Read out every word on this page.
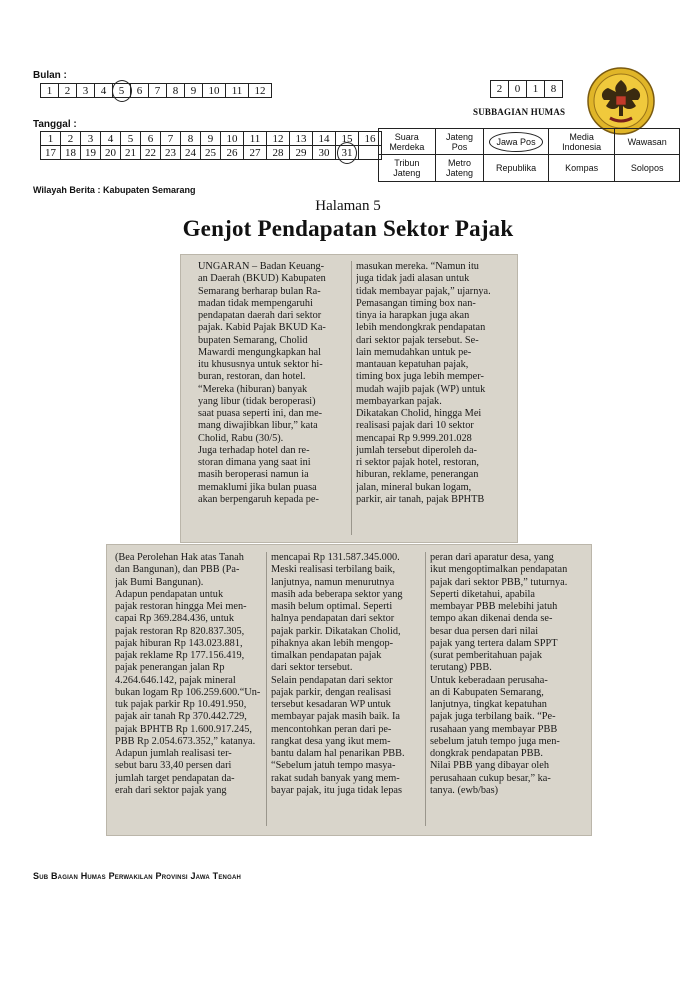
Bulan :
1	2	3	4	5	6	7	8	9	10	11	12	2	0	1	8
SUBBAGIAN HUMAS
Tanggal :
1	2	3	4	5	6	7	8	9	10	11	12	13	14	15	16
17	18	19	20	21	22	23	24	25	26	27	28	29	30	31	
Suara Merdeka	Jateng Pos	Jawa Pos	Media Indonesia	Wawasan
Tribun Jateng	Metro Jateng	Republika	Kompas	Solopos
Wilayah Berita : Kabupaten Semarang
Halaman 5
Genjot Pendapatan Sektor Pajak
UNGARAN – Badan Keuang-
an Daerah (BKUD) Kabupaten
Semarang berharap bulan Ra-
madan tidak mempengaruhi
pendapatan daerah dari sektor
pajak. Kabid Pajak BKUD Ka-
bupaten Semarang, Cholid
Mawardi mengungkapkan hal
itu khususnya untuk sektor hi-
buran, restoran, dan hotel.
“Mereka (hiburan) banyak
yang libur (tidak beroperasi)
saat puasa seperti ini, dan me-
mang diwajibkan libur,” kata
Cholid, Rabu (30/5).
Juga terhadap hotel dan re-
storan dimana yang saat ini
masih beroperasi namun ia
memaklumi jika bulan puasa
akan berpengaruh kepada pe-
masukan mereka. “Namun itu
juga tidak jadi alasan untuk
tidak membayar pajak,” ujarnya.
Pemasangan timing box nan-
tinya ia harapkan juga akan
lebih mendongkrak pendapatan
dari sektor pajak tersebut. Se-
lain memudahkan untuk pe-
mantauan kepatuhan pajak,
timing box juga lebih memper-
mudah wajib pajak (WP) untuk
membayarkan pajak.
Dikatakan Cholid, hingga Mei
realisasi pajak dari 10 sektor
mencapai Rp 9.999.201.028
jumlah tersebut diperoleh da-
ri sektor pajak hotel, restoran,
hiburan, reklame, penerangan
jalan, mineral bukan logam,
parkir, air tanah, pajak BPHTB
(Bea Perolehan Hak atas Tanah
dan Bangunan), dan PBB (Pa-
jak Bumi Bangunan).
Adapun pendapatan untuk
pajak restoran hingga Mei men-
capai Rp 369.284.436, untuk
pajak restoran Rp 820.837.305,
pajak hiburan Rp 143.023.881,
pajak reklame Rp 177.156.419,
pajak penerangan jalan Rp
4.264.646.142, pajak mineral
bukan logam Rp 106.259.600.“Un-
tuk pajak parkir Rp 10.491.950,
pajak air tanah Rp 370.442.729,
pajak BPHTB Rp 1.600.917.245,
PBB Rp 2.054.673.352,” katanya.
Adapun jumlah realisasi ter-
sebut baru 33,40 persen dari
jumlah target pendapatan da-
erah dari sektor pajak yang
mencapai Rp 131.587.345.000.
Meski realisasi terbilang baik,
lanjutnya, namun menurutnya
masih ada beberapa sektor yang
masih belum optimal. Seperti
halnya pendapatan dari sektor
pajak parkir. Dikatakan Cholid,
pihaknya akan lebih mengop-
timalkan pendapatan pajak
dari sektor tersebut.
Selain pendapatan dari sektor
pajak parkir, dengan realisasi
tersebut kesadaran WP untuk
membayar pajak masih baik. Ia
mencontohkan peran dari pe-
rangkat desa yang ikut mem-
bantu dalam hal penarikan PBB.
“Sebelum jatuh tempo masya-
rakat sudah banyak yang mem-
bayar pajak, itu juga tidak lepas
peran dari aparatur desa, yang
ikut mengoptimalkan pendapatan
pajak dari sektor PBB,” tuturnya.
Seperti diketahui, apabila
membayar PBB melebihi jatuh
tempo akan dikenai denda se-
besar dua persen dari nilai
pajak yang tertera dalam SPPT
(surat pemberitahuan pajak
terutang) PBB.
Untuk keberadaan perusaha-
an di Kabupaten Semarang,
lanjutnya, tingkat kepatuhan
pajak juga terbilang baik. “Pe-
rusahaan yang membayar PBB
sebelum jatuh tempo juga men-
dongkrak pendapatan PBB.
Nilai PBB yang dibayar oleh
perusahaan cukup besar,” ka-
tanya. (ewb/bas)
Sub Bagian Humas Perwakilan Provinsi Jawa Tengah
